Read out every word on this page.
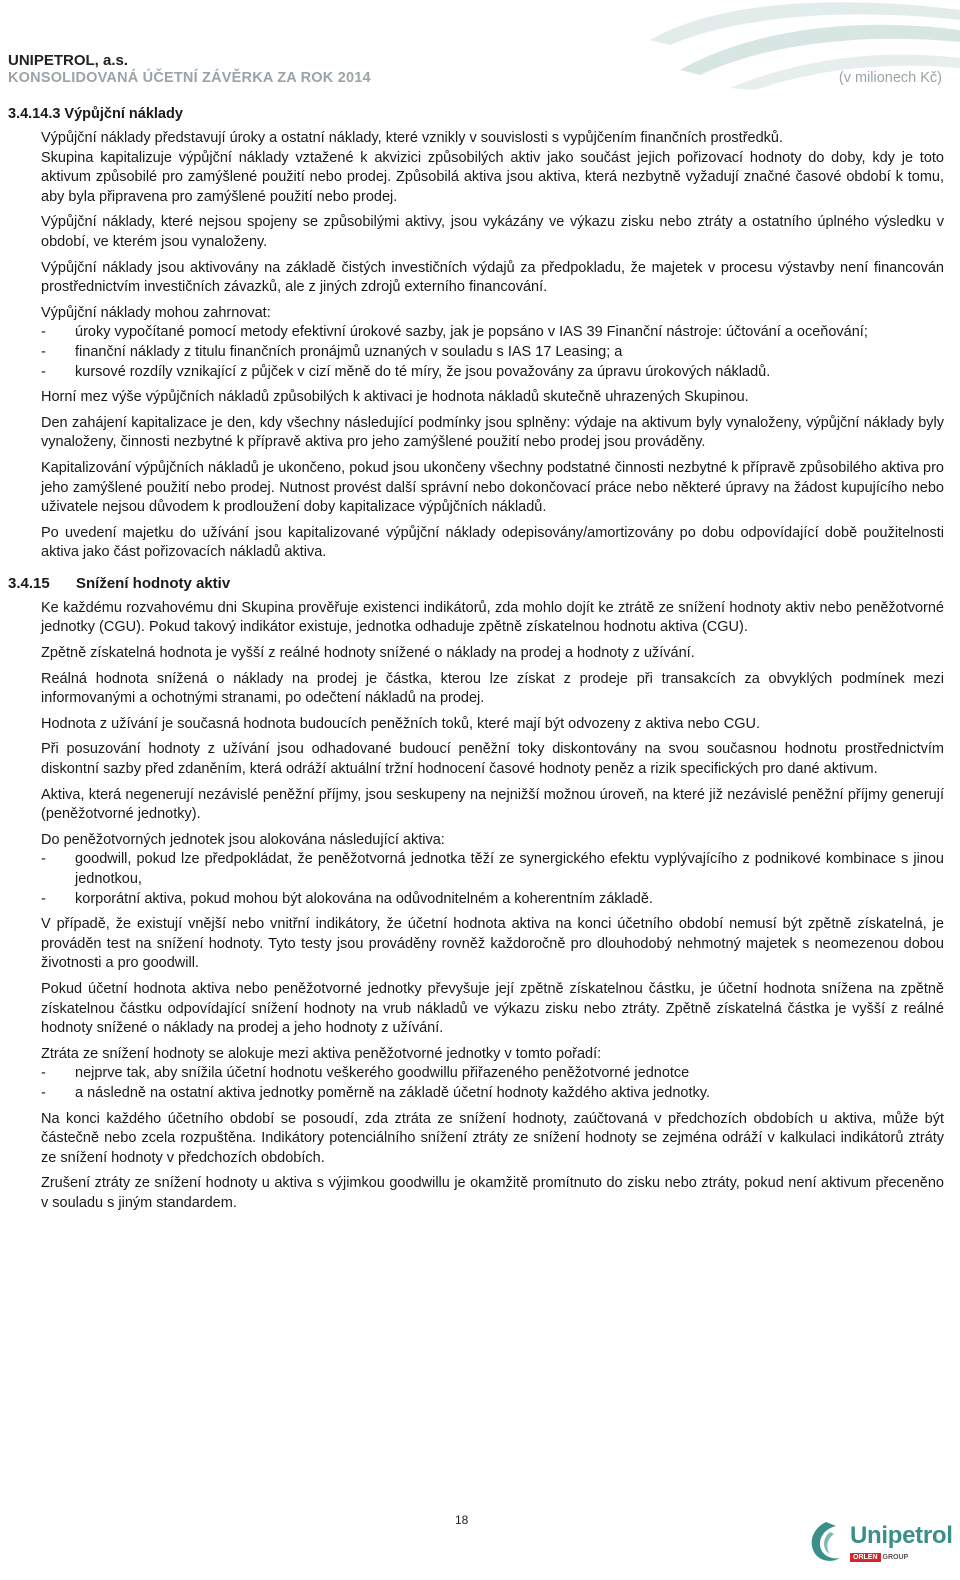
UNIPETROL, a.s.
KONSOLIDOVANÁ ÚČETNÍ ZÁVĚRKA ZA ROK 2014	(v milionech Kč)
3.4.14.3 Výpůjční náklady

Výpůjční náklady představují úroky a ostatní náklady, které vznikly v souvislosti s vypůjčením finančních prostředků.

Skupina kapitalizuje výpůjční náklady vztažené k akvizici způsobilých aktiv jako součást jejich pořizovací hodnoty do doby, kdy je toto aktivum způsobilé pro zamýšlené použití nebo prodej. Způsobilá aktiva jsou aktiva, která nezbytně vyžadují značné časové období k tomu, aby byla připravena pro zamýšlené použití nebo prodej.

Výpůjční náklady, které nejsou spojeny se způsobilými aktivy, jsou vykázány ve výkazu zisku nebo ztráty a ostatního úplného výsledku v období, ve kterém jsou vynaloženy.

Výpůjční náklady jsou aktivovány na základě čistých investičních výdajů za předpokladu, že majetek v procesu výstavby není financován prostřednictvím investičních závazků, ale z jiných zdrojů externího financování.

Výpůjční náklady mohou zahrnovat:

- úroky vypočítané pomocí metody efektivní úrokové sazby, jak je popsáno v IAS 39 Finanční nástroje: účtování a oceňování;
- finanční náklady z titulu finančních pronájmů uznaných v souladu s IAS 17 Leasing; a
- kursové rozdíly vznikající z půjček v cizí měně do té míry, že jsou považovány za úpravu úrokových nákladů.

Horní mez výše výpůjčních nákladů způsobilých k aktivaci je hodnota nákladů skutečně uhrazených Skupinou.

Den zahájení kapitalizace je den, kdy všechny následující podmínky jsou splněny: výdaje na aktivum byly vynaloženy, výpůjční náklady byly vynaloženy, činnosti nezbytné k přípravě aktiva pro jeho zamýšlené použití nebo prodej jsou prováděny.

Kapitalizování výpůjčních nákladů je ukončeno, pokud jsou ukončeny všechny podstatné činnosti nezbytné k přípravě způsobilého aktiva pro jeho zamýšlené použití nebo prodej. Nutnost provést další správní nebo dokončovací práce nebo některé úpravy na žádost kupujícího nebo uživatele nejsou důvodem k prodloužení doby kapitalizace výpůjčních nákladů.

Po uvedení majetku do užívání jsou kapitalizované výpůjční náklady odepisovány/amortizovány po dobu odpovídající době použitelnosti aktiva jako část pořizovacích nákladů aktiva.

3.4.15 Snížení hodnoty aktiv

Ke každému rozvahovému dni Skupina prověřuje existenci indikátorů, zda mohlo dojít ke ztrátě ze snížení hodnoty aktiv nebo peněžotvorné jednotky (CGU). Pokud takový indikátor existuje, jednotka odhaduje zpětně získatelnou hodnotu aktiva (CGU).

Zpětně získatelná hodnota je vyšší z reálné hodnoty snížené o náklady na prodej a hodnoty z užívání.

Reálná hodnota snížená o náklady na prodej je částka, kterou lze získat z prodeje při transakcích za obvyklých podmínek mezi informovanými a ochotnými stranami, po odečtení nákladů na prodej.

Hodnota z užívání je současná hodnota budoucích peněžních toků, které mají být odvozeny z aktiva nebo CGU.

Při posuzování hodnoty z užívání jsou odhadované budoucí peněžní toky diskontovány na svou současnou hodnotu prostřednictvím diskontní sazby před zdaněním, která odráží aktuální tržní hodnocení časové hodnoty peněz a rizik specifických pro dané aktivum.

Aktiva, která negenerují nezávislé peněžní příjmy, jsou seskupeny na nejnižší možnou úroveň, na které již nezávislé peněžní příjmy generují (peněžotvorné jednotky).

Do peněžotvorných jednotek jsou alokována následující aktiva:

- goodwill, pokud lze předpokládat, že peněžotvorná jednotka těží ze synergického efektu vyplývajícího z podnikové kombinace s jinou jednotkou,
- korporátní aktiva, pokud mohou být alokována na odůvodnitelném a koherentním základě.

V případě, že existují vnější nebo vnitřní indikátory, že účetní hodnota aktiva na konci účetního období nemusí být zpětně získatelná, je prováděn test na snížení hodnoty. Tyto testy jsou prováděny rovněž každoročně pro dlouhodobý nehmotný majetek s neomezenou dobou životnosti a pro goodwill.

Pokud účetní hodnota aktiva nebo peněžotvorné jednotky převyšuje její zpětně získatelnou částku, je účetní hodnota snížena na zpětně získatelnou částku odpovídající snížení hodnoty na vrub nákladů ve výkazu zisku nebo ztráty. Zpětně získatelná částka je vyšší z reálné hodnoty snížené o náklady na prodej a jeho hodnoty z užívání.

Ztráta ze snížení hodnoty se alokuje mezi aktiva peněžotvorné jednotky v tomto pořadí:

- nejprve tak, aby snížila účetní hodnotu veškerého goodwillu přiřazeného peněžotvorné jednotce
- a následně na ostatní aktiva jednotky poměrně na základě účetní hodnoty každého aktiva jednotky.

Na konci každého účetního období se posoudí, zda ztráta ze snížení hodnoty, zaúčtovaná v předchozích obdobích u aktiva, může být částečně nebo zcela rozpuštěna. Indikátory potenciálního snížení ztráty ze snížení hodnoty se zejména odráží v kalkulaci indikátorů ztráty ze snížení hodnoty v předchozích obdobích.

Zrušení ztráty ze snížení hodnoty u aktiva s výjimkou goodwillu je okamžitě promítnuto do zisku nebo ztráty, pokud není aktivum přeceněno v souladu s jiným standardem.

18
Unipetrol
ORLEN GROUP
